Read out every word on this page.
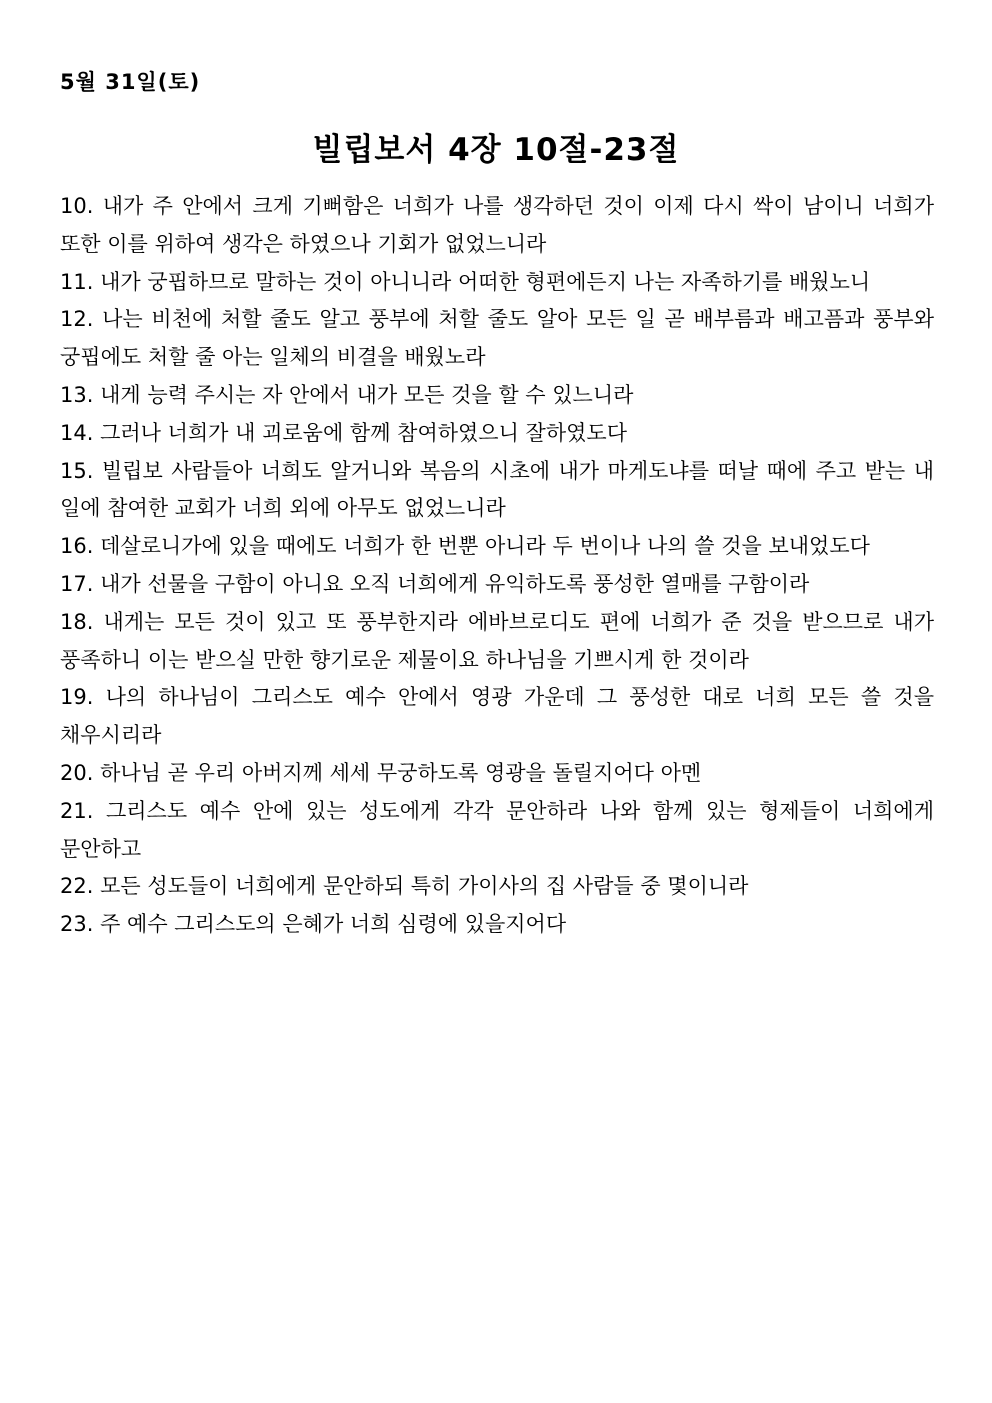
5월 31일(토)
빌립보서 4장 10절-23절

10. 내가 주 안에서 크게 기뻐함은 너희가 나를 생각하던 것이 이제 다시 싹이 남이니 너희가 또한 이를 위하여 생각은 하였으나 기회가 없었느니라

11. 내가 궁핍하므로 말하는 것이 아니니라 어떠한 형편에든지 나는 자족하기를 배웠노니

12. 나는 비천에 처할 줄도 알고 풍부에 처할 줄도 알아 모든 일 곧 배부름과 배고픔과 풍부와 궁핍에도 처할 줄 아는 일체의 비결을 배웠노라

13. 내게 능력 주시는 자 안에서 내가 모든 것을 할 수 있느니라

14. 그러나 너희가 내 괴로움에 함께 참여하였으니 잘하였도다

15. 빌립보 사람들아 너희도 알거니와 복음의 시초에 내가 마게도냐를 떠날 때에 주고 받는 내 일에 참여한 교회가 너희 외에 아무도 없었느니라

16. 데살로니가에 있을 때에도 너희가 한 번뿐 아니라 두 번이나 나의 쓸 것을 보내었도다

17. 내가 선물을 구함이 아니요 오직 너희에게 유익하도록 풍성한 열매를 구함이라

18. 내게는 모든 것이 있고 또 풍부한지라 에바브로디도 편에 너희가 준 것을 받으므로 내가 풍족하니 이는 받으실 만한 향기로운 제물이요 하나님을 기쁘시게 한 것이라

19. 나의 하나님이 그리스도 예수 안에서 영광 가운데 그 풍성한 대로 너희 모든 쓸 것을 채우시리라

20. 하나님 곧 우리 아버지께 세세 무궁하도록 영광을 돌릴지어다 아멘

21. 그리스도 예수 안에 있는 성도에게 각각 문안하라 나와 함께 있는 형제들이 너희에게 문안하고

22. 모든 성도들이 너희에게 문안하되 특히 가이사의 집 사람들 중 몇이니라

23. 주 예수 그리스도의 은혜가 너희 심령에 있을지어다
